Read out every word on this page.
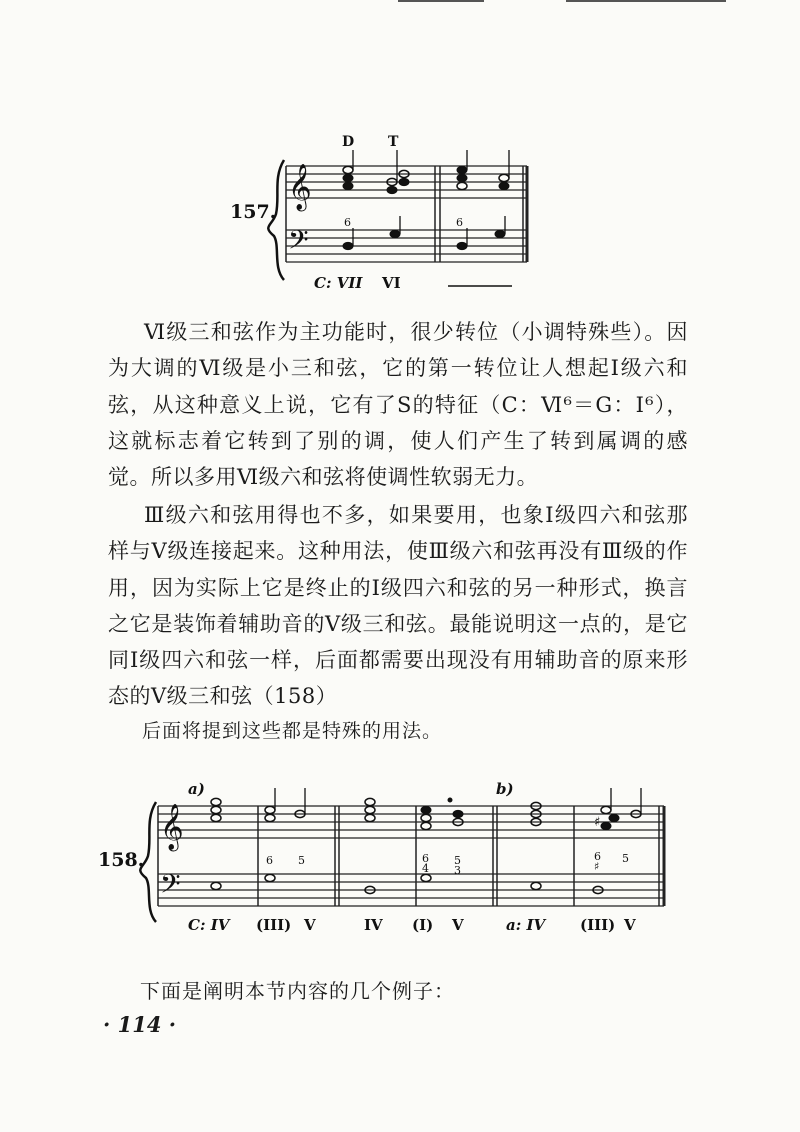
157.
D T
𝄞
𝄢
6	6
C: VII VI
Ⅵ级三和弦作为主功能时，很少转位（小调特殊些）。因为大调的Ⅵ级是小三和弦，它的第一转位让人想起Ⅰ级六和弦，从这种意义上说，它有了S的特征（C：Ⅵ⁶＝G：Ⅰ⁶），这就标志着它转到了别的调，使人们产生了转到属调的感觉。所以多用Ⅵ级六和弦将使调性软弱无力。
Ⅲ级六和弦用得也不多，如果要用，也象Ⅰ级四六和弦那样与Ⅴ级连接起来。这种用法，使Ⅲ级六和弦再没有Ⅲ级的作用，因为实际上它是终止的Ⅰ级四六和弦的另一种形式，换言之它是装饰着辅助音的Ⅴ级三和弦。最能说明这一点的，是它同Ⅰ级四六和弦一样，后面都需要出现没有用辅助音的原来形态的Ⅴ级三和弦（158）
后面将提到这些都是特殊的用法。
158.
a)	b)
𝄞
𝄢
♯
6 5	6
4
5
3
6
♯
5
C: IV (III) V	IV (I) V	a: IV (III) V
下面是阐明本节内容的几个例子：
· 114 ·
